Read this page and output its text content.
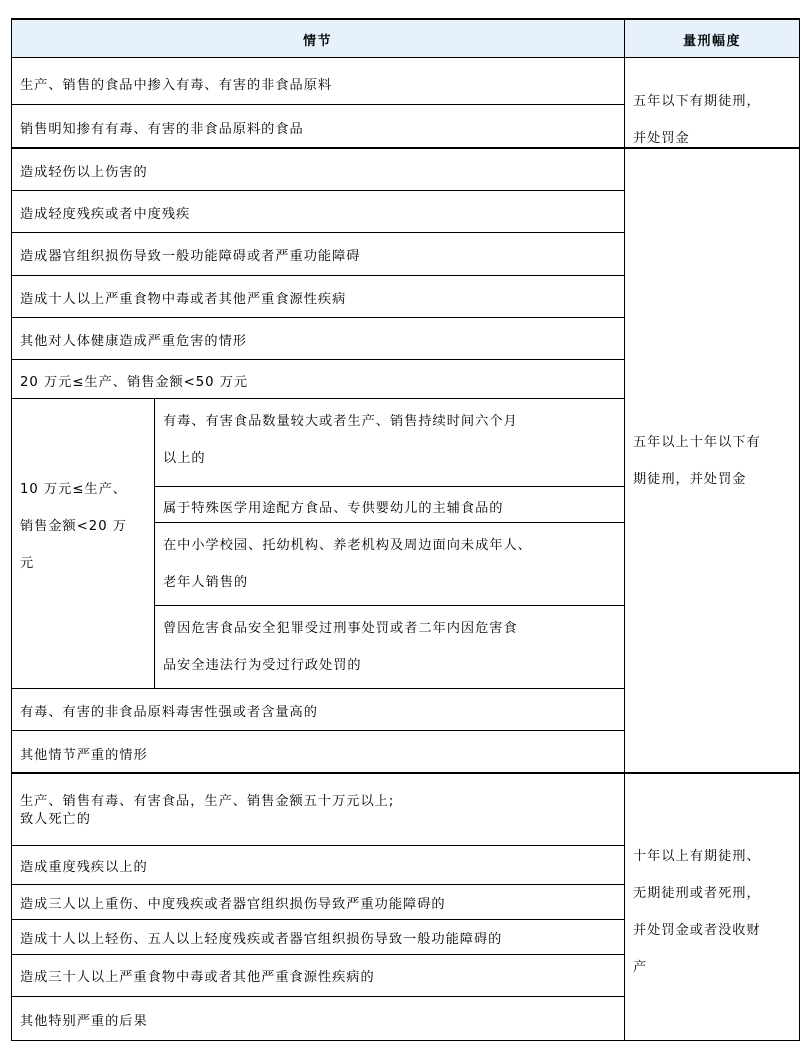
情节	量刑幅度
生产、销售的食品中掺入有毒、有害的非食品原料
销售明知掺有有毒、有害的非食品原料的食品
五年以下有期徒刑，
并处罚金
造成轻伤以上伤害的
造成轻度残疾或者中度残疾
造成器官组织损伤导致一般功能障碍或者严重功能障碍
造成十人以上严重食物中毒或者其他严重食源性疾病
其他对人体健康造成严重危害的情形
20 万元≤生产、销售金额<50 万元
10 万元≤生产、
销售金额<20 万
元
有毒、有害食品数量较大或者生产、销售持续时间六个月
以上的
属于特殊医学用途配方食品、专供婴幼儿的主辅食品的
在中小学校园、托幼机构、养老机构及周边面向未成年人、
老年人销售的
曾因危害食品安全犯罪受过刑事处罚或者二年内因危害食
品安全违法行为受过行政处罚的
有毒、有害的非食品原料毒害性强或者含量高的
其他情节严重的情形
五年以上十年以下有
期徒刑，并处罚金
生产、销售有毒、有害食品，生产、销售金额五十万元以上;
致人死亡的
造成重度残疾以上的
造成三人以上重伤、中度残疾或者器官组织损伤导致严重功能障碍的
造成十人以上轻伤、五人以上轻度残疾或者器官组织损伤导致一般功能障碍的
造成三十人以上严重食物中毒或者其他严重食源性疾病的
其他特别严重的后果
十年以上有期徒刑、
无期徒刑或者死刑，
并处罚金或者没收财
产
